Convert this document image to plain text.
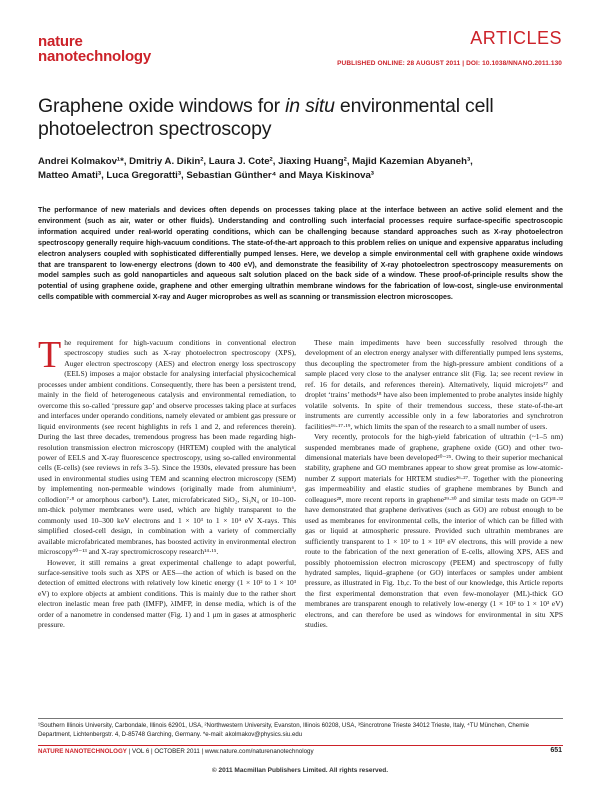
nature
nanotechnology
ARTICLES
PUBLISHED ONLINE: 28 AUGUST 2011 | DOI: 10.1038/NNANO.2011.130
Graphene oxide windows for in situ environmental cell photoelectron spectroscopy
Andrei Kolmakov¹*, Dmitriy A. Dikin², Laura J. Cote², Jiaxing Huang², Majid Kazemian Abyaneh³,
Matteo Amati³, Luca Gregoratti³, Sebastian Günther⁴ and Maya Kiskinova³
The performance of new materials and devices often depends on processes taking place at the interface between an active solid element and the environment (such as air, water or other fluids). Understanding and controlling such interfacial processes require surface-specific spectroscopic information acquired under real-world operating conditions, which can be challenging because standard approaches such as X-ray photoelectron spectroscopy generally require high-vacuum conditions. The state-of-the-art approach to this problem relies on unique and expensive apparatus including electron analysers coupled with sophisticated differentially pumped lenses. Here, we develop a simple environmental cell with graphene oxide windows that are transparent to low-energy electrons (down to 400 eV), and demonstrate the feasibility of X-ray photoelectron spectroscopy measurements on model samples such as gold nanoparticles and aqueous salt solution placed on the back side of a window. These proof-of-principle results show the potential of using graphene oxide, graphene and other emerging ultrathin membrane windows for the fabrication of low-cost, single-use environmental cells compatible with commercial X-ray and Auger microprobes as well as scanning or transmission electron microscopes.

The requirement for high-vacuum conditions in conventional electron spectroscopy studies such as X-ray photoelectron spectroscopy (XPS), Auger electron spectroscopy (AES) and electron energy loss spectroscopy (EELS) imposes a major obstacle for analysing interfacial physicochemical processes under ambient conditions. Consequently, there has been a persistent trend, mainly in the field of heterogeneous catalysis and environmental remediation, to overcome this so-called ‘pressure gap’ and observe processes taking place at surfaces and interfaces under operando conditions, namely elevated or ambient gas pressure or liquid environments (see recent highlights in refs 1 and 2, and references therein). During the last three decades, tremendous progress has been made regarding high-resolution transmission electron microscopy (HRTEM) coupled with the analytical power of EELS and X-ray fluorescence spectroscopy, using so-called environmental cells (E-cells) (see reviews in refs 3–5). Since the 1930s, elevated pressure has been used in environmental studies using TEM and scanning electron microscopy (SEM) by implementing non-permeable windows (originally made from aluminium⁶, collodion⁷·⁸ or amorphous carbon⁹). Later, microfabricated SiO₂, Si₃N₄ or 10–100-nm-thick polymer membranes were used, which are highly transparent to the commonly used 10–300 keV electrons and 1 × 10³ to 1 × 10⁴ eV X-rays. This simplified closed-cell design, in combination with a variety of commercially available microfabricated membranes, has boosted activity in environmental electron microscopy¹⁰⁻¹³ and X-ray spectromicroscopy research¹⁴·¹⁵.

However, it still remains a great experimental challenge to adapt powerful, surface-sensitive tools such as XPS or AES—the action of which is based on the detection of emitted electrons with relatively low kinetic energy (1 × 10² to 1 × 10³ eV) to explore objects at ambient conditions. This is mainly due to the rather short electron inelastic mean free path (IMFP), λIMFP, in dense media, which is of the order of a nanometre in condensed matter (Fig. 1) and 1 μm in gases at atmospheric pressure.

These main impediments have been successfully resolved through the development of an electron energy analyser with differentially pumped lens systems, thus decoupling the spectrometer from the high-pressure ambient conditions of a sample placed very close to the analyser entrance slit (Fig. 1a; see recent review in ref. 16 for details, and references therein). Alternatively, liquid microjets¹⁷ and droplet ‘trains’ methods¹⁸ have also been implemented to probe analytes inside highly volatile solvents. In spite of their tremendous success, these state-of-the-art instruments are currently accessible only in a few laboratories and synchrotron facilities¹⁶·¹⁷·¹⁹, which limits the span of the research to a small number of users.

Very recently, protocols for the high-yield fabrication of ultrathin (~1–5 nm) suspended membranes made of graphene, graphene oxide (GO) and other two-dimensional materials have been developed²⁰⁻²⁵. Owing to their superior mechanical stability, graphene and GO membranes appear to show great promise as low-atomic-number Z support materials for HRTEM studies²⁶·²⁷. Together with the pioneering gas impermeability and elastic studies of graphene membranes by Bunch and colleagues²⁸, more recent reports in graphene²⁹·³⁰ and similar tests made on GO³¹·³² have demonstrated that graphene derivatives (such as GO) are robust enough to be used as membranes for environmental cells, the interior of which can be filled with gas or liquid at atmospheric pressure. Provided such ultrathin membranes are sufficiently transparent to 1 × 10² to 1 × 10³ eV electrons, this will provide a new route to the fabrication of the next generation of E-cells, allowing XPS, AES and possibly photoemission electron microscopy (PEEM) and spectroscopy of fully hydrated samples, liquid–graphene (or GO) interfaces or samples under ambient pressure, as illustrated in Fig. 1b,c. To the best of our knowledge, this Article reports the first experimental demonstration that even few-monolayer (ML)-thick GO membranes are transparent enough to relatively low-energy (1 × 10² to 1 × 10³ eV) electrons, and can therefore be used as windows for environmental in situ XPS studies.

¹Southern Illinois University, Carbondale, Illinois 62901, USA, ²Northwestern University, Evanston, Illinois 60208, USA, ³Sincrotrone Trieste 34012 Trieste, Italy, ⁴TU München, Chemie Department, Lichtenbergstr. 4, D-85748 Garching, Germany. *e-mail: akolmakov@physics.siu.edu
NATURE NANOTECHNOLOGY | VOL 6 | OCTOBER 2011 | www.nature.com/naturenanotechnology	651
© 2011 Macmillan Publishers Limited. All rights reserved.
